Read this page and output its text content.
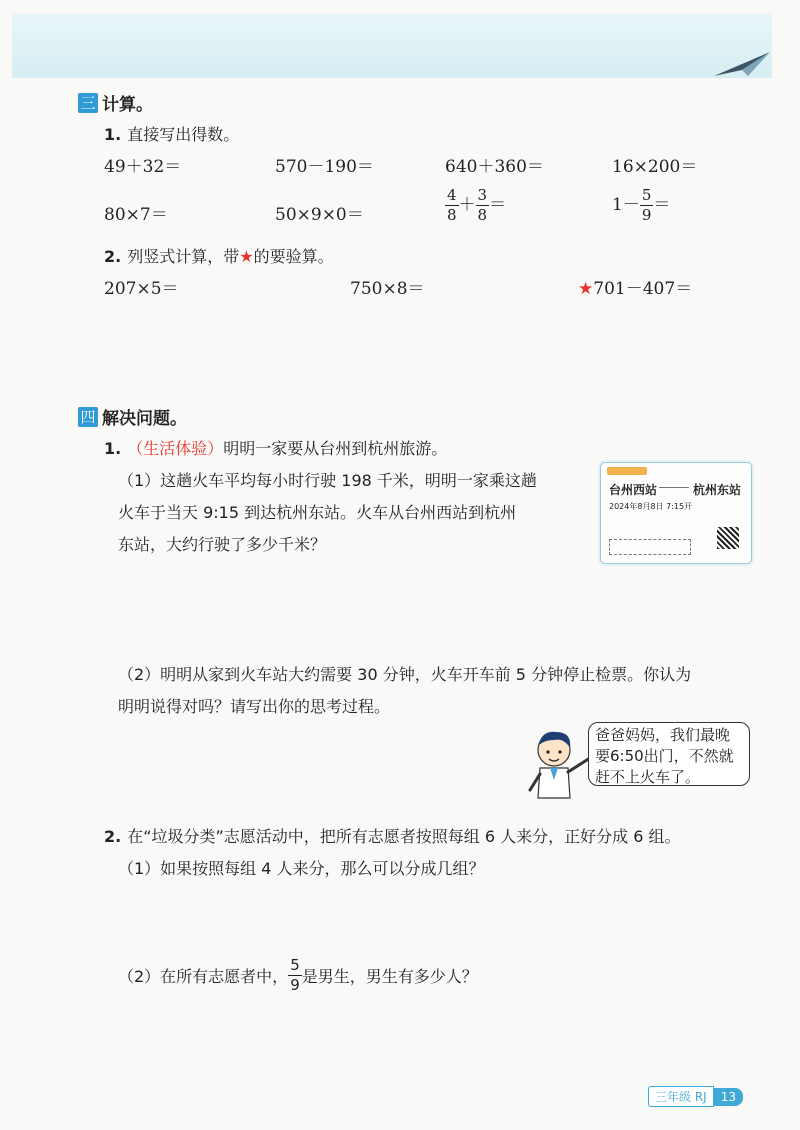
三 计算。
1. 直接写出得数。
49＋32＝	570－190＝	640＋360＝	16×200＝
80×7＝	50×9×0＝	$\frac{4}{8} + \frac{3}{8}$ ＝	$1- \frac{5}{9}$ ＝
2. 列竖式计算，带★的要验算。
207×5＝	750×8＝	★701－407＝
四 解决问题。
1. （生活体验）明明一家要从台州到杭州旅游。
（1）这趟火车平均每小时行驶 198 千米，明明一家乘这趟
火车于当天 9:15 到达杭州东站。火车从台州西站到杭州
东站，大约行驶了多少千米？
台州西站	杭州东站
2024年8月8日 7:15开
（2）明明从家到火车站大约需要 30 分钟，火车开车前 5 分钟停止检票。你认为
明明说得对吗？请写出你的思考过程。
爸爸妈妈，我们最晚要6:50出门，不然就赶不上火车了。
2. 在“垃圾分类”志愿活动中，把所有志愿者按照每组 6 人来分，正好分成 6 组。
（1）如果按照每组 4 人来分，那么可以分成几组？
（2）在所有志愿者中， $\frac{5}{9}$ 是男生，男生有多少人？
三年级 RJ	13
